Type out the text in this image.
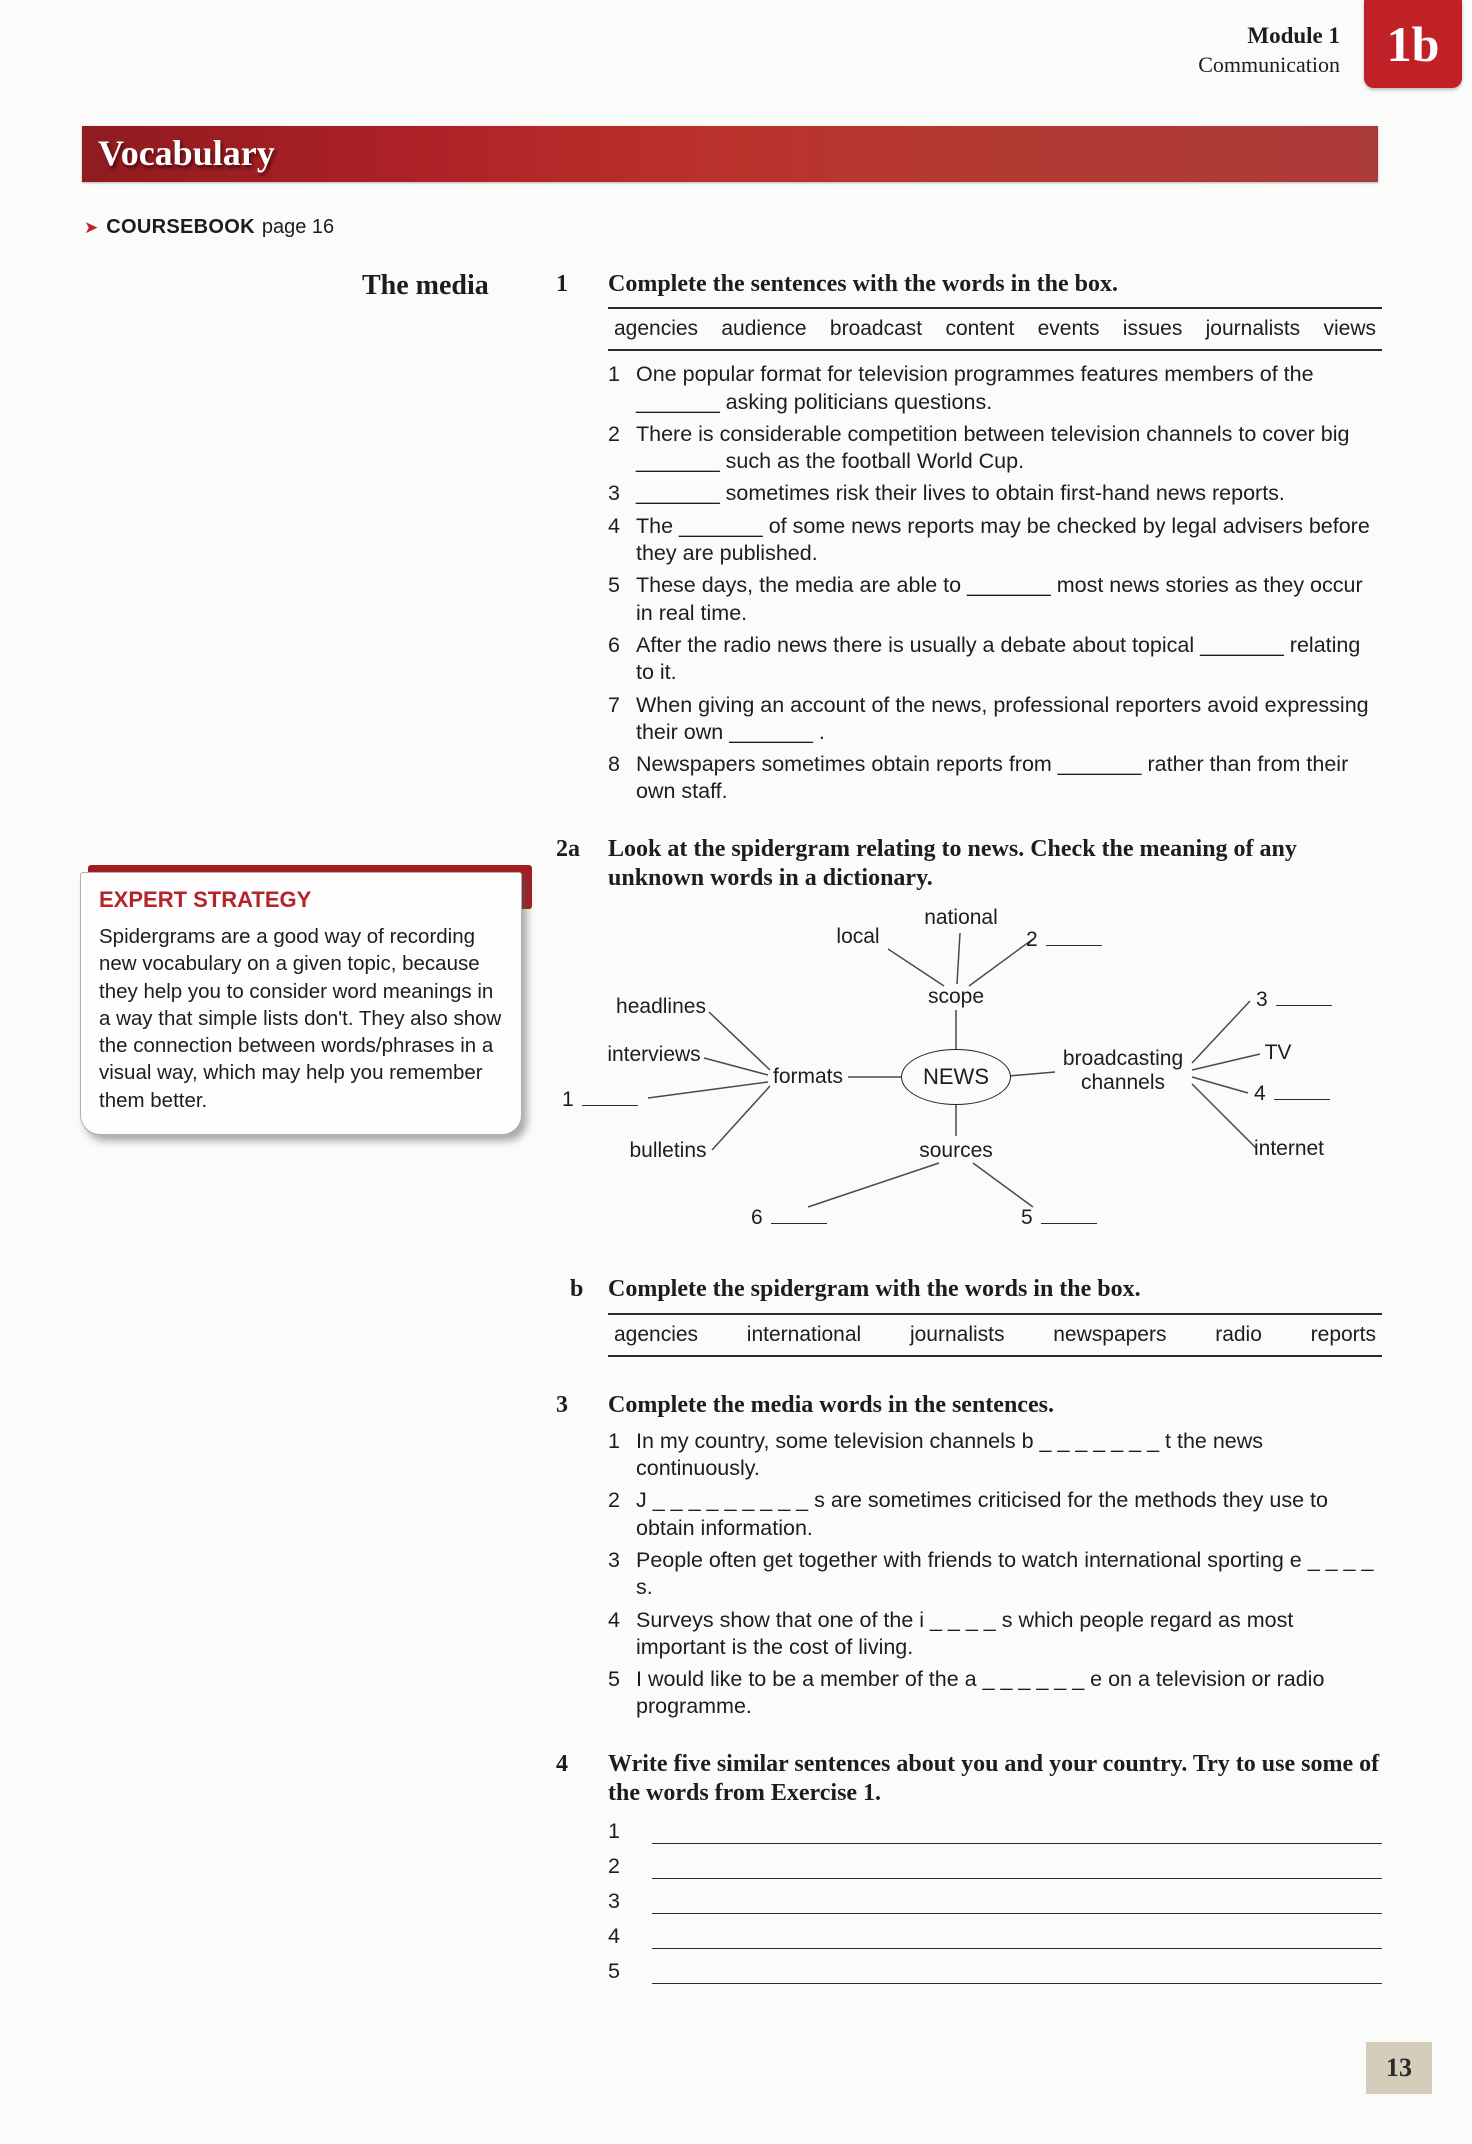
Module 1
Communication 1b
Vocabulary
➤ COURSEBOOK page 16
The media

EXPERT STRATEGY

Spidergrams are a good way of recording new vocabulary on a given topic, because they help you to consider word meanings in a way that simple lists don't. They also show the connection between words/phrases in a visual way, which may help you remember them better.

1	Complete the sentences with the words in the box.

agencies audience broadcast content events issues journalists views
1 One popular format for television programmes features members of the _______ asking politicians questions.
2 There is considerable competition between television channels to cover big _______ such as the football World Cup.
3 _______ sometimes risk their lives to obtain first-hand news reports.
4 The _______ of some news reports may be checked by legal advisers before they are published.
5 These days, the media are able to _______ most news stories as they occur in real time.
6 After the radio news there is usually a debate about topical _______ relating to it.
7 When giving an account of the news, professional reporters avoid expressing their own _______ .
8 Newspapers sometimes obtain reports from _______ rather than from their own staff.
2a	Look at the spidergram relating to news. Check the meaning of any unknown words in a dictionary.

NEWS
scope
local
national
2
formats
headlines
interviews
1
bulletins
broadcasting
channels
3
TV
4
internet
sources
6	5
b	Complete the spidergram with the words in the box.

agencies international journalists newspapers radio reports
3	Complete the media words in the sentences.

1 In my country, some television channels b _ _ _ _ _ _ _ t the news continuously.
2 J _ _ _ _ _ _ _ _ _ s are sometimes criticised for the methods they use to obtain information.
3 People often get together with friends to watch international sporting e _ _ _ _ s.
4 Surveys show that one of the i _ _ _ _ s which people regard as most important is the cost of living.
5 I would like to be a member of the a _ _ _ _ _ _ e on a television or radio programme.
4	Write five similar sentences about you and your country. Try to use some of the words from Exercise 1.

1
2
3
4
5
13
